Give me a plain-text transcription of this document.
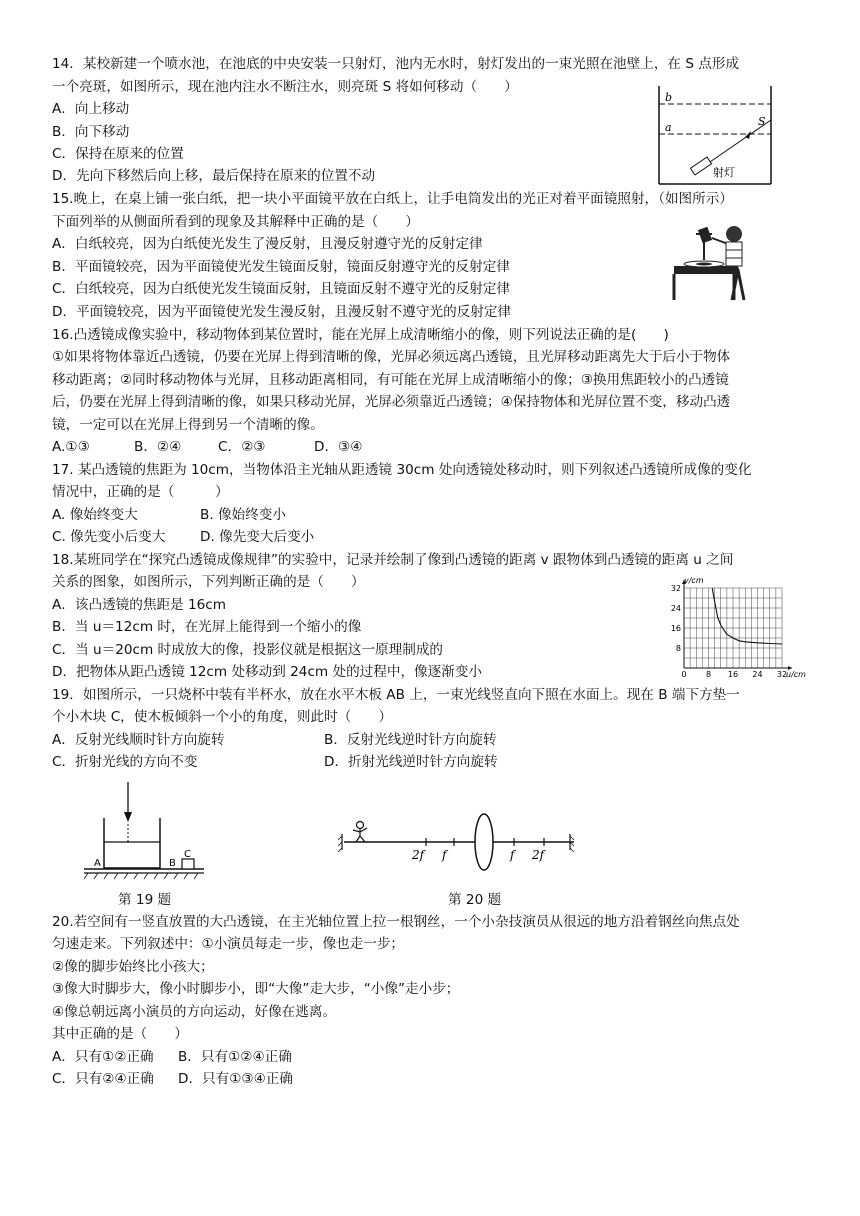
14．某校新建一个喷水池，在池底的中央安装一只射灯，池内无水时，射灯发出的一束光照在池壁上，在 S 点形成
一个亮斑，如图所示，现在池内注水不断注水，则亮斑 S 将如何移动（　　）
A．向上移动
B．向下移动
C．保持在原来的位置
D．先向下移然后向上移，最后保持在原来的位置不动
b
a	S
射灯
15.晚上，在桌上铺一张白纸，把一块小平面镜平放在白纸上，让手电筒发出的光正对着平面镜照射，（如图所示）
下面列举的从侧面所看到的现象及其解释中正确的是（　　）
A．白纸较亮，因为白纸使光发生了漫反射，且漫反射遵守光的反射定律
B．平面镜较亮，因为平面镜使光发生镜面反射，镜面反射遵守光的反射定律
C．白纸较亮，因为白纸使光发生镜面反射，且镜面反射不遵守光的反射定律
D．平面镜较亮，因为平面镜使光发生漫反射，且漫反射不遵守光的反射定律
16.凸透镜成像实验中，移动物体到某位置时，能在光屏上成清晰缩小的像，则下列说法正确的是(　　)
①如果将物体靠近凸透镜，仍要在光屏上得到清晰的像，光屏必须远离凸透镜，且光屏移动距离先大于后小于物体
移动距离；②同时移动物体与光屏，且移动距离相同，有可能在光屏上成清晰缩小的像；③换用焦距较小的凸透镜
后，仍要在光屏上得到清晰的像，如果只移动光屏，光屏必须靠近凸透镜；④保持物体和光屏位置不变，移动凸透
镜，一定可以在光屏上得到另一个清晰的像。
A.①③	B．②④	C．②③	D．③④
17. 某凸透镜的焦距为 10cm，当物体沿主光轴从距透镜 30cm 处向透镜处移动时，则下列叙述凸透镜所成像的变化
情况中，正确的是（　　　）
A. 像始终变大	B. 像始终变小
C. 像先变小后变大	D. 像先变大后变小
18.某班同学在“探究凸透镜成像规律”的实验中，记录并绘制了像到凸透镜的距离 v 跟物体到凸透镜的距离 u 之间
关系的图象，如图所示，下列判断正确的是（　　）
A．该凸透镜的焦距是 16cm
B．当 u＝12cm 时，在光屏上能得到一个缩小的像
C．当 u＝20cm 时成放大的像，投影仪就是根据这一原理制成的
D．把物体从距凸透镜 12cm 处移动到 24cm 处的过程中，像逐渐变小	0 8 16 24 32
8
16
24
32
v/cm
u/cm
19．如图所示，一只烧杯中装有半杯水，放在水平木板 AB 上，一束光线竖直向下照在水面上。现在 B 端下方垫一
个小木块 C，使木板倾斜一个小的角度，则此时（　　）
A．反射光线顺时针方向旋转	B．反射光线逆时针方向旋转
C．折射光线的方向不变	D．折射光线逆时针方向旋转
A	B
C
第 19 题
2f f	f 2f
第 20 题
20.若空间有一竖直放置的大凸透镜，在主光轴位置上拉一根钢丝，一个小杂技演员从很远的地方沿着钢丝向焦点处
匀速走来。下列叙述中：①小演员每走一步，像也走一步；
②像的脚步始终比小孩大；
③像大时脚步大，像小时脚步小，即“大像”走大步，“小像”走小步；
④像总朝远离小演员的方向运动，好像在逃离。
其中正确的是（　　）
A．只有①②正确 B．只有①②④正确
C．只有②④正确 D．只有①③④正确
